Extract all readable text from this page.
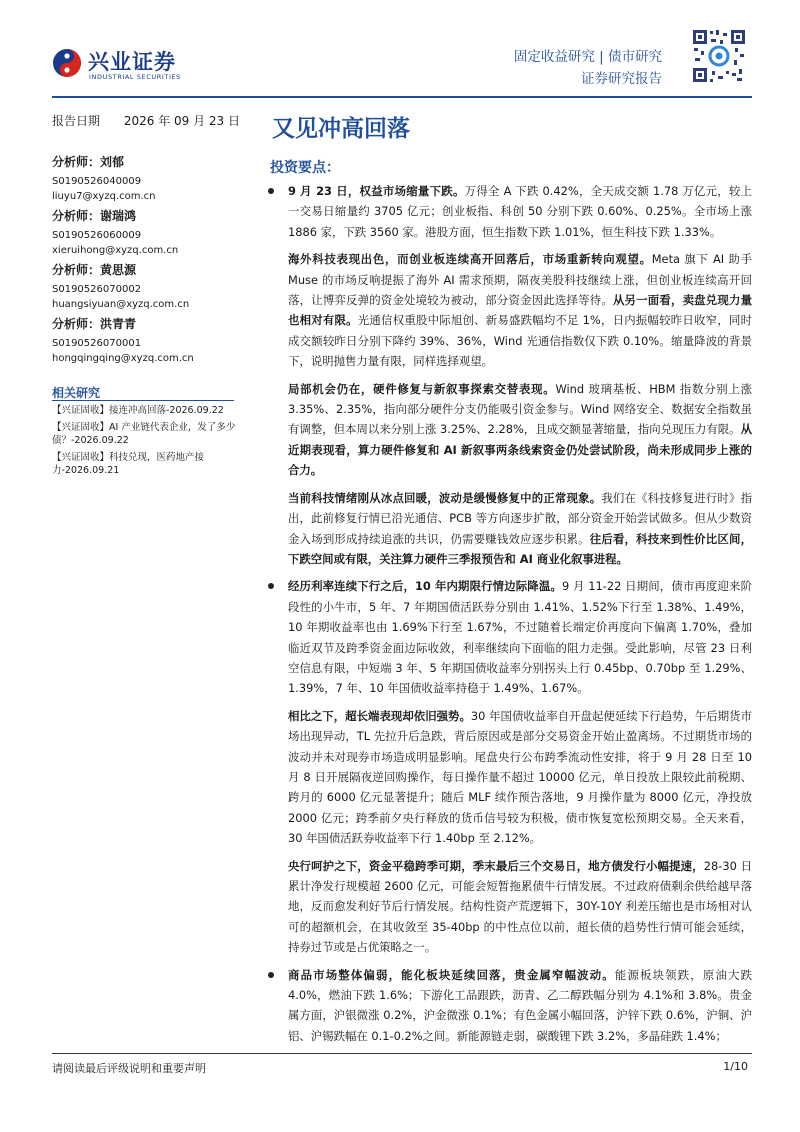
兴业证券
INDUSTRIAL SECURITIES
固定收益研究 | 债市研究
证券研究报告
报告日期 2026 年 09 月 23 日
分析师：刘郁
S0190526040009
liuyu7@xyzq.com.cn
分析师：谢瑞鸿
S0190526060009
xieruihong@xyzq.com.cn
分析师：黄思源
S0190526070002
huangsiyuan@xyzq.com.cn
分析师：洪青青
S0190526070001
hongqingqing@xyzq.com.cn
相关研究
【兴证固收】接连冲高回落-2026.09.22
【兴证固收】AI 产业链代表企业，发了多少债？-2026.09.22
【兴证固收】科技兑现，医药地产接力-2026.09.21
又见冲高回落
投资要点：

9 月 23 日，权益市场缩量下跌。万得全 A 下跌 0.42%，全天成交额 1.78 万亿元，较上一交易日缩量约 3705 亿元；创业板指、科创 50 分别下跌 0.60%、0.25%。全市场上涨 1886 家，下跌 3560 家。港股方面，恒生指数下跌 1.01%，恒生科技下跌 1.33%。

海外科技表现出色，而创业板连续高开回落后，市场重新转向观望。Meta 旗下 AI 助手 Muse 的市场反响提振了海外 AI 需求预期，隔夜美股科技继续上涨，但创业板连续高开回落，让博弈反弹的资金处境较为被动，部分资金因此选择等待。从另一面看，卖盘兑现力量也相对有限。光通信权重股中际旭创、新易盛跌幅均不足 1%，日内振幅较昨日收窄，同时成交额较昨日分别下降约 39%、36%，Wind 光通信指数仅下跌 0.10%。缩量降波的背景下，说明抛售力量有限，同样选择观望。

局部机会仍在，硬件修复与新叙事探索交替表现。Wind 玻璃基板、HBM 指数分别上涨 3.35%、2.35%，指向部分硬件分支仍能吸引资金参与。Wind 网络安全、数据安全指数虽有调整，但本周以来分别上涨 3.25%、2.28%，且成交额显著缩量，指向兑现压力有限。从近期表现看，算力硬件修复和 AI 新叙事两条线索资金仍处尝试阶段，尚未形成同步上涨的合力。

当前科技情绪刚从冰点回暖，波动是缓慢修复中的正常现象。我们在《科技修复进行时》指出，此前修复行情已沿光通信、PCB 等方向逐步扩散，部分资金开始尝试做多。但从少数资金入场到形成持续追涨的共识，仍需要赚钱效应逐步积累。往后看，科技来到性价比区间，下跌空间或有限，关注算力硬件三季报预告和 AI 商业化叙事进程。

经历利率连续下行之后，10 年内期限行情边际降温。9 月 11-22 日期间，债市再度迎来阶段性的小牛市，5 年、7 年期国债活跃券分别由 1.41%、1.52%下行至 1.38%、1.49%，10 年期收益率也由 1.69%下行至 1.67%，不过随着长端定价再度向下偏离 1.70%，叠加临近双节及跨季资金面边际收敛，利率继续向下面临的阻力走强。受此影响，尽管 23 日利空信息有限，中短端 3 年、5 年期国债收益率分别拐头上行 0.45bp、0.70bp 至 1.29%、1.39%，7 年、10 年国债收益率持稳于 1.49%、1.67%。

相比之下，超长端表现却依旧强势。30 年国债收益率自开盘起便延续下行趋势，午后期货市场出现异动，TL 先拉升后急跌，背后原因或是部分交易资金开始止盈离场。不过期货市场的波动并未对现券市场造成明显影响。尾盘央行公布跨季流动性安排，将于 9 月 28 日至 10 月 8 日开展隔夜逆回购操作，每日操作量不超过 10000 亿元，单日投放上限较此前税期、跨月的 6000 亿元显著提升；随后 MLF 续作预告落地，9 月操作量为 8000 亿元，净投放 2000 亿元；跨季前夕央行释放的货币信号较为积极，债市恢复宽松预期交易。全天来看，30 年国债活跃券收益率下行 1.40bp 至 2.12%。

央行呵护之下，资金平稳跨季可期，季末最后三个交易日，地方债发行小幅提速，28-30 日累计净发行规模超 2600 亿元，可能会短暂拖累债牛行情发展。不过政府债剩余供给越早落地，反而愈发利好节后行情发展。结构性资产荒逻辑下，30Y-10Y 利差压缩也是市场相对认可的超额机会，在其收敛至 35-40bp 的中性点位以前，超长债的趋势性行情可能会延续，持券过节或是占优策略之一。

商品市场整体偏弱，能化板块延续回落，贵金属窄幅波动。能源板块领跌，原油大跌 4.0%，燃油下跌 1.6%；下游化工品跟跌，沥青、乙二醇跌幅分别为 4.1%和 3.8%。贵金属方面，沪银微涨 0.2%，沪金微涨 0.1%；有色金属小幅回落，沪锌下跌 0.6%，沪铜、沪铝、沪锡跌幅在 0.1-0.2%之间。新能源链走弱，碳酸锂下跌 3.2%，多晶硅跌 1.4%；

请阅读最后评级说明和重要声明	1/10
